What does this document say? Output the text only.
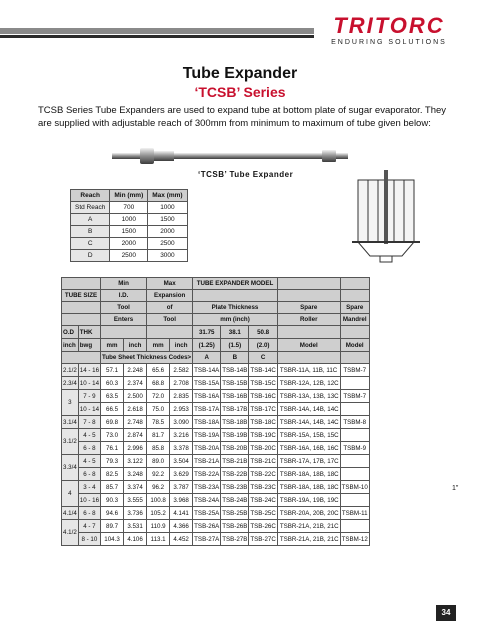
TRITORC
ENDURING SOLUTIONS
Tube Expander
‘TCSB’ Series
TCSB Series Tube Expanders are used to expand tube at bottom plate of sugar evaporator. They are supplied with adjustable reach of 300mm from minimum to maximum of tube given below:
‘TCSB’ Tube Expander
Reach	Min (mm)	Max (mm)
Std Reach	700	1000
A	1000	1500
B	1500	2000
C	2000	2500
D	2500	3000
		Min		Max		TUBE EXPANDER MODEL				
TUBE SIZE		I.D.		Expansion						
		Tool		of		Plate Thickness			Spare	Spare
		Enters		Tool		mm (inch)			Roller	Mandrel
O.D	THK					31.75	38.1	50.8		
inch	bwg	mm	inch	mm	inch	(1.25)	(1.5)	(2.0)	Model	Model
		Tube Sheet Thickness Codes>				A	B	C		
2.1/2	14 - 16	57.1	2.248	65.6	2.582	TSB-14A	TSB-14B	TSB-14C	TSBR-11A, 11B, 11C	TSBM-7
2.3/4	10 - 14	60.3	2.374	68.8	2.708	TSB-15A	TSB-15B	TSB-15C	TSBR-12A, 12B, 12C	
3	7 - 9	63.5	2.500	72.0	2.835	TSB-16A	TSB-16B	TSB-16C	TSBR-13A, 13B, 13C	TSBM-7
	10 - 14	66.5	2.618	75.0	2.953	TSB-17A	TSB-17B	TSB-17C	TSBR-14A, 14B, 14C	
3.1/4	7 - 8	69.8	2.748	78.5	3.090	TSB-18A	TSB-18B	TSB-18C	TSBR-14A, 14B, 14C	TSBM-8
3.1/2	4 - 5	73.0	2.874	81.7	3.216	TSB-19A	TSB-19B	TSB-19C	TSBR-15A, 15B, 15C	
	6 - 8	76.1	2.996	85.8	3.378	TSB-20A	TSB-20B	TSB-20C	TSBR-16A, 16B, 16C	TSBM-9
3.3/4	4 - 5	79.3	3.122	89.0	3.504	TSB-21A	TSB-21B	TSB-21C	TSBR-17A, 17B, 17C	
	6 - 8	82.5	3.248	92.2	3.629	TSB-22A	TSB-22B	TSB-22C	TSBR-18A, 18B, 18C	
4	3 - 4	85.7	3.374	96.2	3.787	TSB-23A	TSB-23B	TSB-23C	TSBR-18A, 18B, 18C	TSBM-10
	10 - 16	90.3	3.555	100.8	3.968	TSB-24A	TSB-24B	TSB-24C	TSBR-19A, 19B, 19C	
4.1/4	6 - 8	94.6	3.736	105.2	4.141	TSB-25A	TSB-25B	TSB-25C	TSBR-20A, 20B, 20C	TSBM-11
4.1/2	4 - 7	89.7	3.531	110.9	4.366	TSB-26A	TSB-26B	TSB-26C	TSBR-21A, 21B, 21C	
	8 - 10	104.3	4.106	113.1	4.452	TSB-27A	TSB-27B	TSB-27C	TSBR-21A, 21B, 21C	TSBM-12
1"
34
